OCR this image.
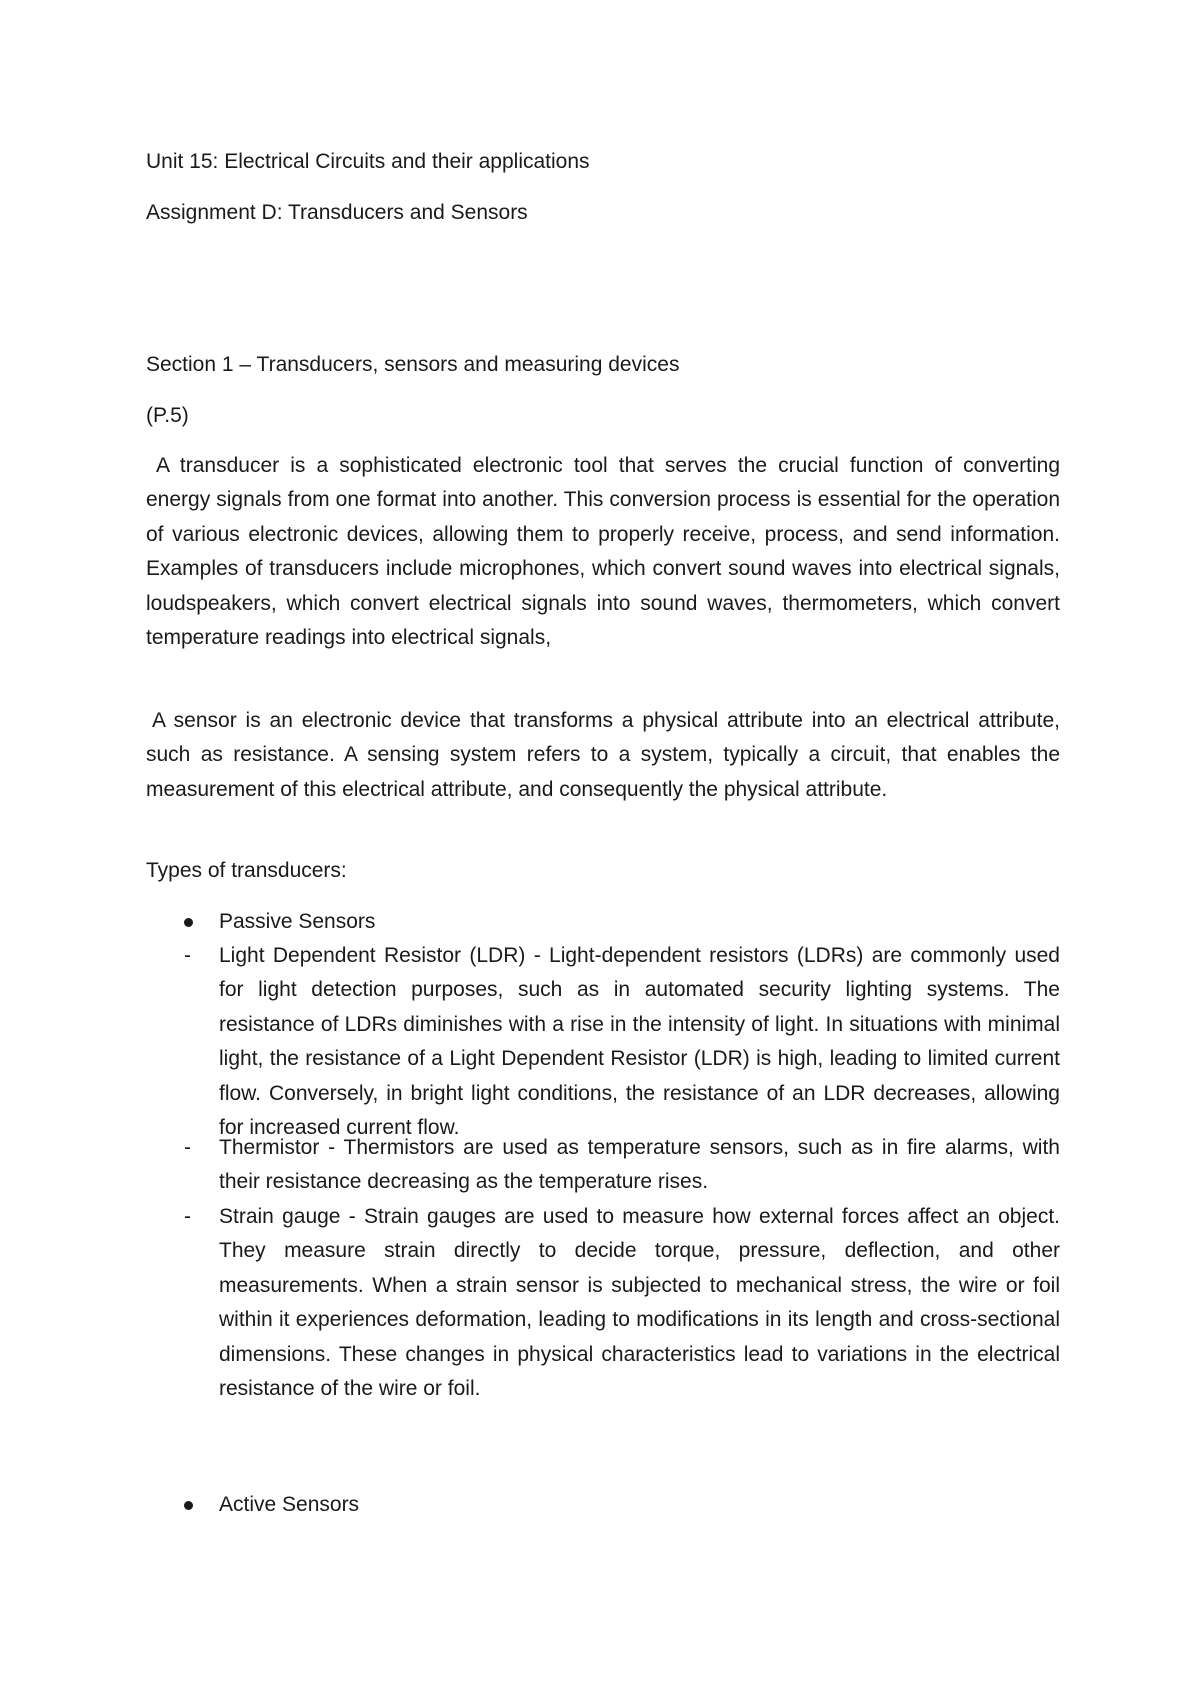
Unit 15: Electrical Circuits and their applications

Assignment D: Transducers and Sensors

Section 1 – Transducers, sensors and measuring devices

(P.5)

A transducer is a sophisticated electronic tool that serves the crucial function of converting energy signals from one format into another. This conversion process is essential for the operation of various electronic devices, allowing them to properly receive, process, and send information. Examples of transducers include microphones, which convert sound waves into electrical signals, loudspeakers, which convert electrical signals into sound waves, thermometers, which convert temperature readings into electrical signals,

A sensor is an electronic device that transforms a physical attribute into an electrical attribute, such as resistance. A sensing system refers to a system, typically a circuit, that enables the measurement of this electrical attribute, and consequently the physical attribute.

Types of transducers:

Passive Sensors
- Light Dependent Resistor (LDR) - Light-dependent resistors (LDRs) are commonly used for light detection purposes, such as in automated security lighting systems. The resistance of LDRs diminishes with a rise in the intensity of light. In situations with minimal light, the resistance of a Light Dependent Resistor (LDR) is high, leading to limited current flow. Conversely, in bright light conditions, the resistance of an LDR decreases, allowing for increased current flow.

- Thermistor - Thermistors are used as temperature sensors, such as in fire alarms, with their resistance decreasing as the temperature rises.

- Strain gauge - Strain gauges are used to measure how external forces affect an object. They measure strain directly to decide torque, pressure, deflection, and other measurements. When a strain sensor is subjected to mechanical stress, the wire or foil within it experiences deformation, leading to modifications in its length and cross-sectional dimensions. These changes in physical characteristics lead to variations in the electrical resistance of the wire or foil.

Active Sensors
